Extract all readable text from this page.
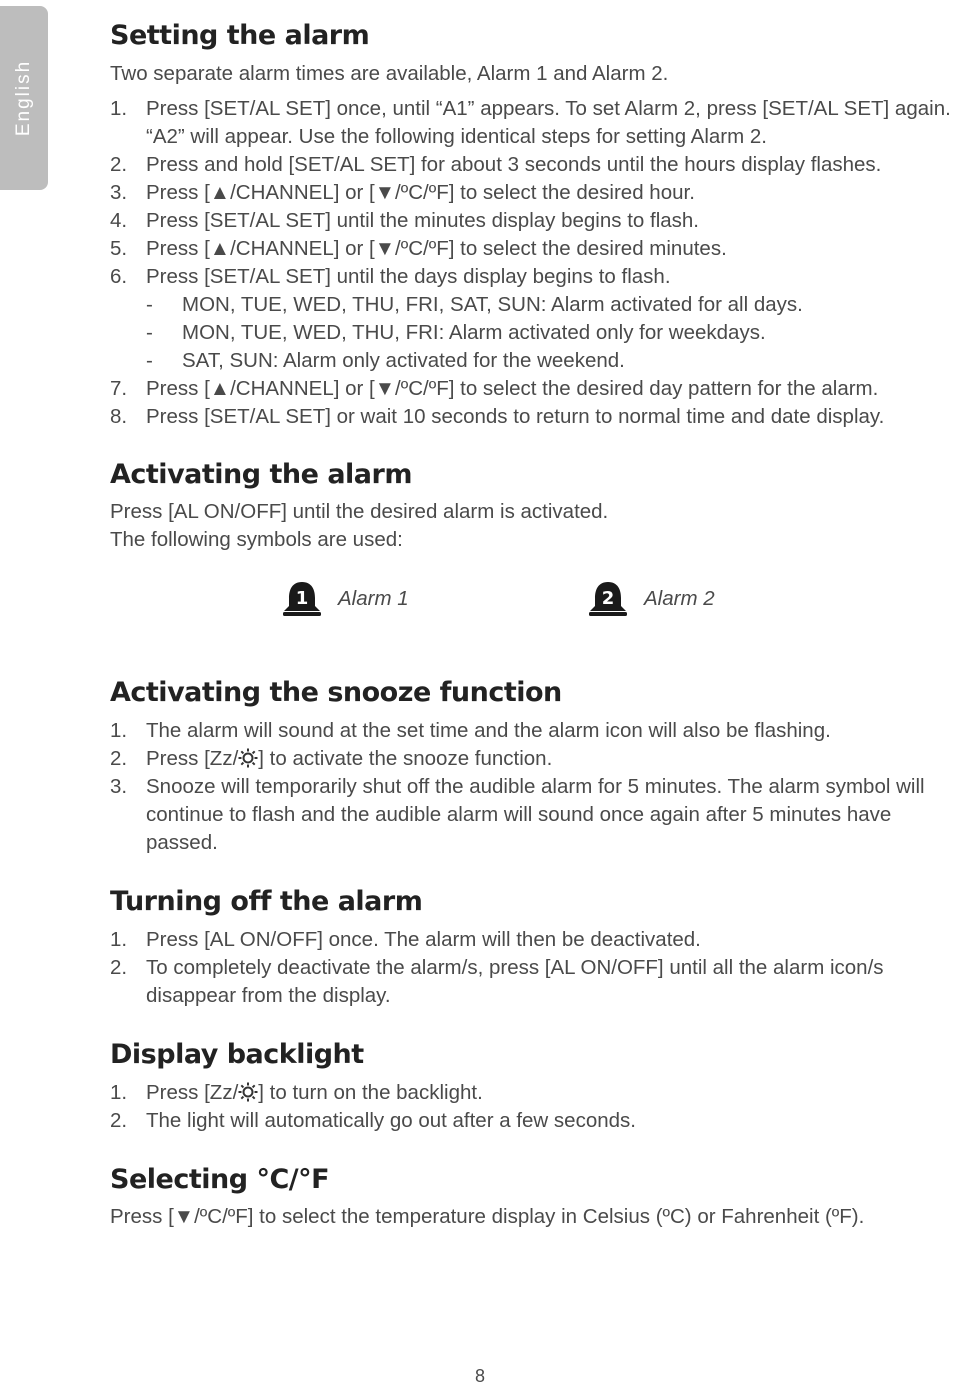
English
Setting the alarm

Two separate alarm times are available, Alarm 1 and Alarm 2.

1. Press [SET/AL SET] once, until “A1” appears. To set Alarm 2, press [SET/AL SET] again. “A2” will appear. Use the following identical steps for setting Alarm 2.
2. Press and hold [SET/AL SET] for about 3 seconds until the hours display flashes.
3. Press [▲/CHANNEL] or [▼/ºC/ºF] to select the desired hour.
4. Press [SET/AL SET] until the minutes display begins to flash.
5. Press [▲/CHANNEL] or [▼/ºC/ºF] to select the desired minutes.
6. Press [SET/AL SET] until the days display begins to flash.
- MON, TUE, WED, THU, FRI, SAT, SUN: Alarm activated for all days.
- MON, TUE, WED, THU, FRI: Alarm activated only for weekdays.
- SAT, SUN: Alarm only activated for the weekend.
7. Press [▲/CHANNEL] or [▼/ºC/ºF] to select the desired day pattern for the alarm.
8. Press [SET/AL SET] or wait 10 seconds to return to normal time and date display.
Activating the alarm

Press [AL ON/OFF] until the desired alarm is activated.

The following symbols are used:

1 Alarm 1	2 Alarm 2
Activating the snooze function
1. The alarm will sound at the set time and the alarm icon will also be flashing.
2. Press [Zz/ ] to activate the snooze function.
3. Snooze will temporarily shut off the audible alarm for 5 minutes. The alarm symbol will continue to flash and the audible alarm will sound once again after 5 minutes have passed.
Turning off the alarm
1. Press [AL ON/OFF] once. The alarm will then be deactivated.
2. To completely deactivate the alarm/s, press [AL ON/OFF] until all the alarm icon/s disappear from the display.
Display backlight
1. Press [Zz/ ] to turn on the backlight.
2. The light will automatically go out after a few seconds.
Selecting °C/°F

Press [▼/ºC/ºF] to select the temperature display in Celsius (ºC) or Fahrenheit (ºF).

8
